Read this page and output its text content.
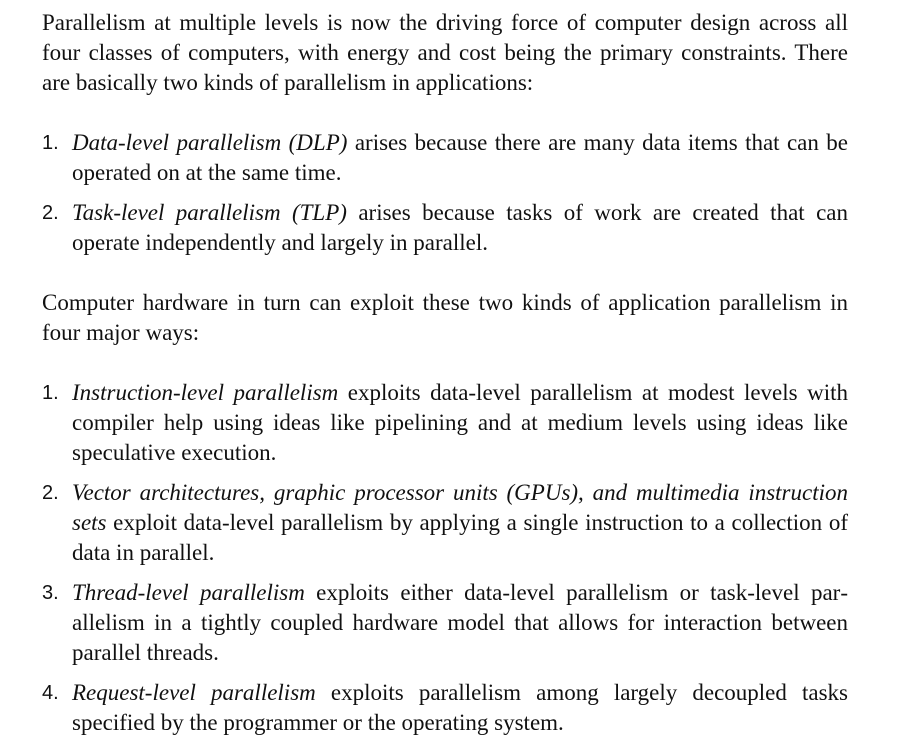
Parallelism at multiple levels is now the driving force of computer design across all four classes of computers, with energy and cost being the primary constraints. There are basically two kinds of parallelism in applications:

1. Data-level parallelism (DLP) arises because there are many data items that can be operated on at the same time.
2. Task-level parallelism (TLP) arises because tasks of work are created that can operate independently and largely in parallel.

Computer hardware in turn can exploit these two kinds of application parallelism in four major ways:

1. Instruction-level parallelism exploits data-level parallelism at modest levels with compiler help using ideas like pipelining and at medium levels using ideas like speculative execution.
2. Vector architectures, graphic processor units (GPUs), and multimedia instruction sets exploit data-level parallelism by applying a single instruction to a collection of data in parallel.
3. Thread-level parallelism exploits either data-level parallelism or task-level parallelism in a tightly coupled hardware model that allows for interaction between parallel threads.
4. Request-level parallelism exploits parallelism among largely decoupled tasks specified by the programmer or the operating system.
